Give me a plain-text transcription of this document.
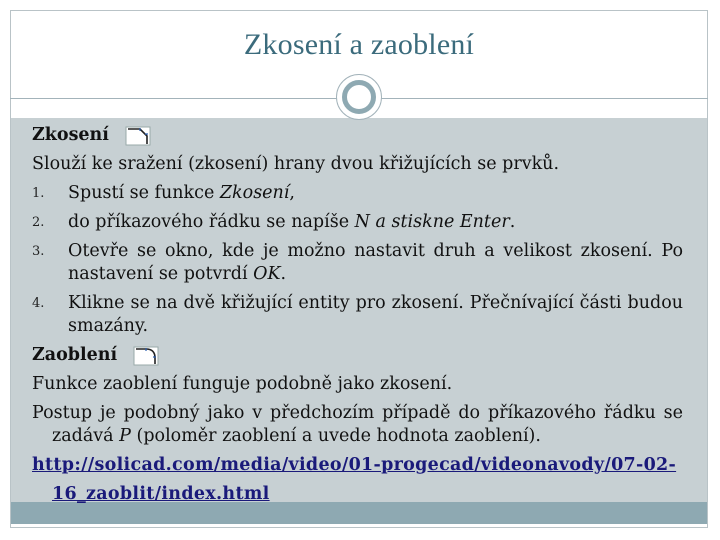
Zkosení a zaoblení
Zkosení
Slouží ke sražení (zkosení) hrany dvou křižujících se prvků.
1.	Spustí se funkce Zkosení,
2.	do příkazového řádku se napíše N a stiskne Enter.
3.	Otevře se okno, kde je možno nastavit druh a velikost zkosení. Po nastavení se potvrdí OK.
4.	Klikne se na dvě křižující entity pro zkosení. Přečnívající části budou smazány.
Zaoblení
Funkce zaoblení funguje podobně jako zkosení.
Postup je podobný jako v předchozím případě do příkazového řádku se zadává P (poloměr zaoblení a uvede hodnota zaoblení).
http://solicad.com/media/video/01-progecad/videonavody/07-02-16_zaoblit/index.html
